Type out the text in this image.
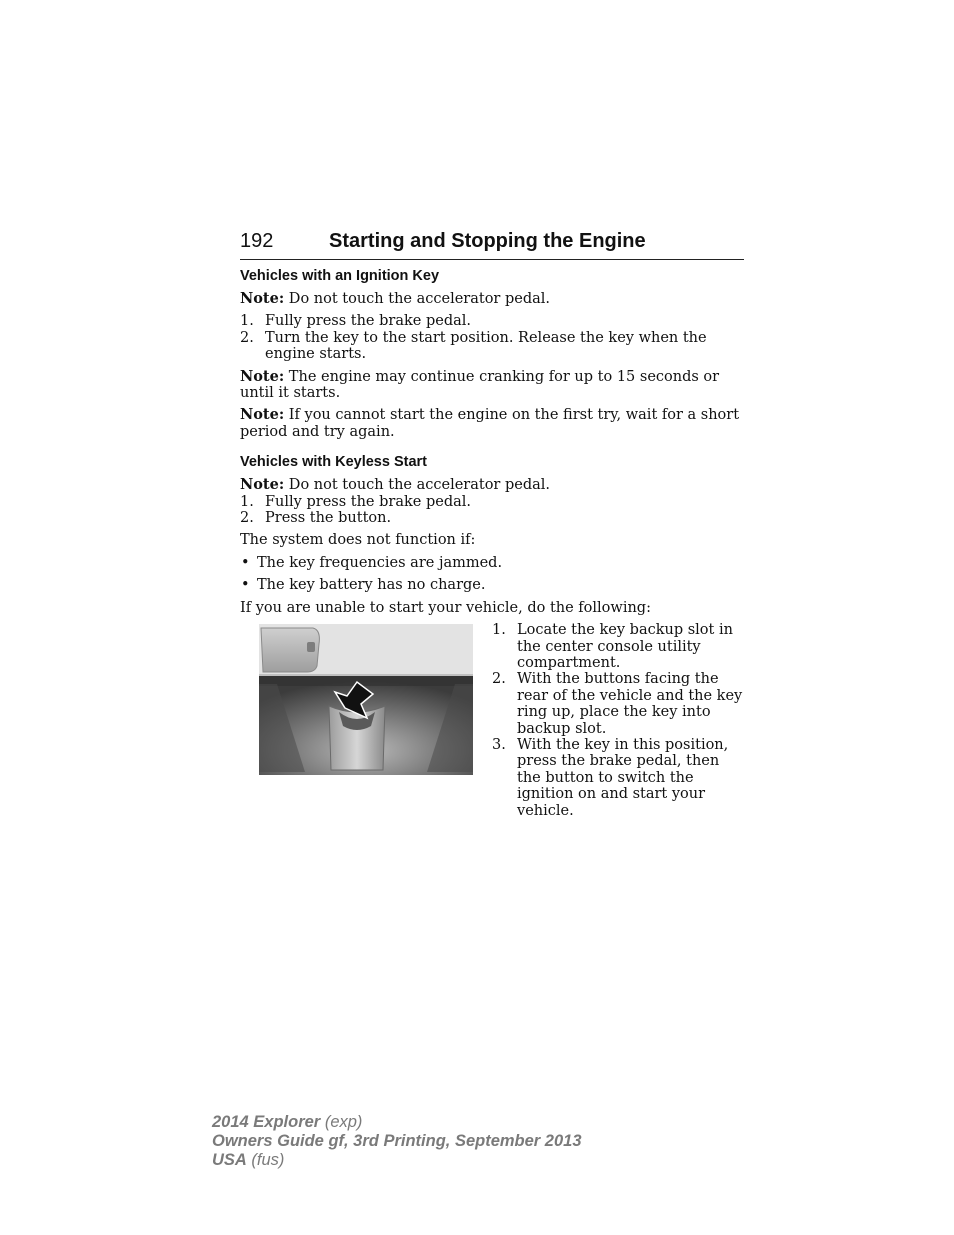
192	Starting and Stopping the Engine
Vehicles with an Ignition Key

Note: Do not touch the accelerator pedal.

1. Fully press the brake pedal.
2. Turn the key to the start position. Release the key when the engine starts.

Note: The engine may continue cranking for up to 15 seconds or until it starts.

Note: If you cannot start the engine on the first try, wait for a short period and try again.

Vehicles with Keyless Start

Note: Do not touch the accelerator pedal.

1. Fully press the brake pedal.
2. Press the button.

The system does not function if:

• The key frequencies are jammed.
• The key battery has no charge.

If you are unable to start your vehicle, do the following:

1. Locate the key backup slot in the center console utility compartment.
2. With the buttons facing the rear of the vehicle and the key ring up, place the key into backup slot.
3. With the key in this position, press the brake pedal, then the button to switch the ignition on and start your vehicle.
2014 Explorer (exp)
Owners Guide gf, 3rd Printing, September 2013
USA (fus)
